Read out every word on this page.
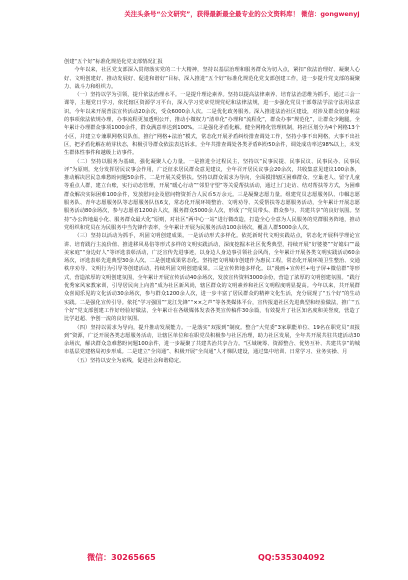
关注头条号“公文研究”，获得最新最全最专业的公文资料库！ 微信：gongwenyj

创建“五个好”标准化规范化党支部情况汇报

今年以来，社区党支部深入贯彻落实党的二十大精神，坚持以基层治理和服务群众为切入点，紧扣“依法治理好、凝聚人心好、文明创建好、推动发展好、促进和谐好”目标，深入推进“五个好”标准化规范化党支部创建工作，进一步提升党支部的凝聚力、战斗力和组织力。

（一）坚持以学为引领，提升依法治理水平。一是提升理论素养。坚持以提高法律素养、培育法治思维为抓手，通过三会一课等，主题党日学习，依托辖区资源学习平台，深入学习党章党规党纪和法律法规，进一步强化党员干部尊法学法守法用法意识。今年以来开展普法宣传活动20余次，受众6000余人次。二是优化政务服务。深入推进法治社区建设，对涉及群众切身利益的事项依法依规办理，办事流程更加透明公开，推动小微权力“清单化”办理和“流程化”，群众办事“规范化”，让群众少跑腿。全年累计办理群众事项1000余件，群众满意率达到100%。三是强化矛盾化解。健全网格化管理机制，将社区划分为4个网格13个小区，并建立专兼职网格员队伍，推行“网格+法治”模式，常态化开展矛盾纠纷排查调处工作，坚持小事不出网格，大事不出社区，把矛盾化解在萌芽状态，积极引导群众依法表达诉求。全年共排查调处各类矛盾纠纷50余件，调处成功率达98%以上，未发生群体性事件和越级上访事件。

（二）坚持以服务为基础，强化凝聚人心力量。一是推进全过程民主，坚持以“民事民提、民事民议、民事民办、民事民评”为原则，充分发挥居民议事会作用，广泛征求居民群众意见建议，全年召开居民议事会20余次，共收集意见建议100余条，推动解决居民急难愁盼问题50余件。二是开展关爱帮扶。坚持以群众需求为导向，全面摸排辖区困难群众、空巢老人、留守儿童等重点人群，建立台账，实行动态管理，开展“暖心行动”“邻里守望”等关爱帮扶活动，通过上门走访、结对帮扶等方式，为困难群众解决实际困难100余件，发放慰问金及慰问物资折合人民币5万余元。三是凝聚志愿力量。组建党员志愿服务队、巾帼志愿服务队、青年志愿服务队等志愿服务队伍6支，常态化开展环境整治、文明劝导、关爱帮扶等志愿服务活动，全年累计开展志愿服务活动80余场次，参与志愿者1200余人次，服务群众5000余人次，形成了“党员带头、群众参与、共建共享”的良好氛围。坚持“办公阵地最小化、服务群众最大化”原则，对社区“两中心一站”进行微改造，打造全心全意为人民服务的党群服务阵地，推动党组织和党员在为民服务中当先锋作表率，全年累计开展为民服务活动100余场次，覆盖人群5000余人次。

（三）坚持以活动为抓手，巩固文明创建成果。一是活动形式多样化。依托新时代文明实践站点，常态化开展科学理论宣讲、培育践行主流价值、推进移风易俗等形式多样的文明实践活动，深度挖掘本社区优秀典型，持续开展“好婆婆”“好媳妇”“最美家庭”“身边好人”等评选表彰活动，广泛宣传先进事迹，以身边人身边事引领社会风尚，全年累计开展各类文明实践活动60余场次，评选表彰先进典型30余人次。二是创建成果常态化。坚持把文明城市创建作为惠民工程，常态化开展环境卫生整治、交通秩序劝导、文明行为引导等创建活动，持续巩固文明创建成果。三是宣传阵地多样化。以“漫画+宣传栏+电子屏+微信群”等形式，营造浓厚的文明创建氛围，全年累计开展宣传活动40余场次，发放宣传资料3000余份，营造了浓厚的文明创建氛围。“践行优秀家风家教家训，引导居民向上向善”成为社区新风尚，辖区群众的文明素养和社区文明程度明显提高。今年以来，共开展群众喜闻乐见的文化活动30余场次，参与群众1200余人次，进一步丰富了居民群众的精神文化生活，充分展现了“五个好”的生动实践。二是强化宣传引导。依托“学习强国”“龙江先锋”“××之声”等各类媒体平台，宣传报道社区先进典型和经验做法，推广“五个好”党支部创建工作好经验好做法，全年累计在各级媒体发表各类宣传稿件30余篇，有效提升了社区知名度和美誉度，营造了比学赶超、争创一流的良好氛围。

（四）坚持以需求为导向，提升推动发展能力。一是落实“双报到”制度。整合“大党委”3家职能单位、19名在职党员“双报到”资源，广泛开展各类志愿服务活动，让辖区单位和在职党员积极参与社区治理，助力社区发展，全年共开展共驻共建活动30余场次，解决群众急难愁盼问题100余件，进一步凝聚了共建共治共享合力。“区域统筹、资源整合、优势互补、共建共享”的城市基层党建格局初步形成。二是建立“全岗通”、积极开展“全岗通”人才梯队建设，通过集中培训、日常学习、业务实操、月

（五）坚持以安全为底线，促进社会和谐稳定。

微信：30265665	QQ:535304092
